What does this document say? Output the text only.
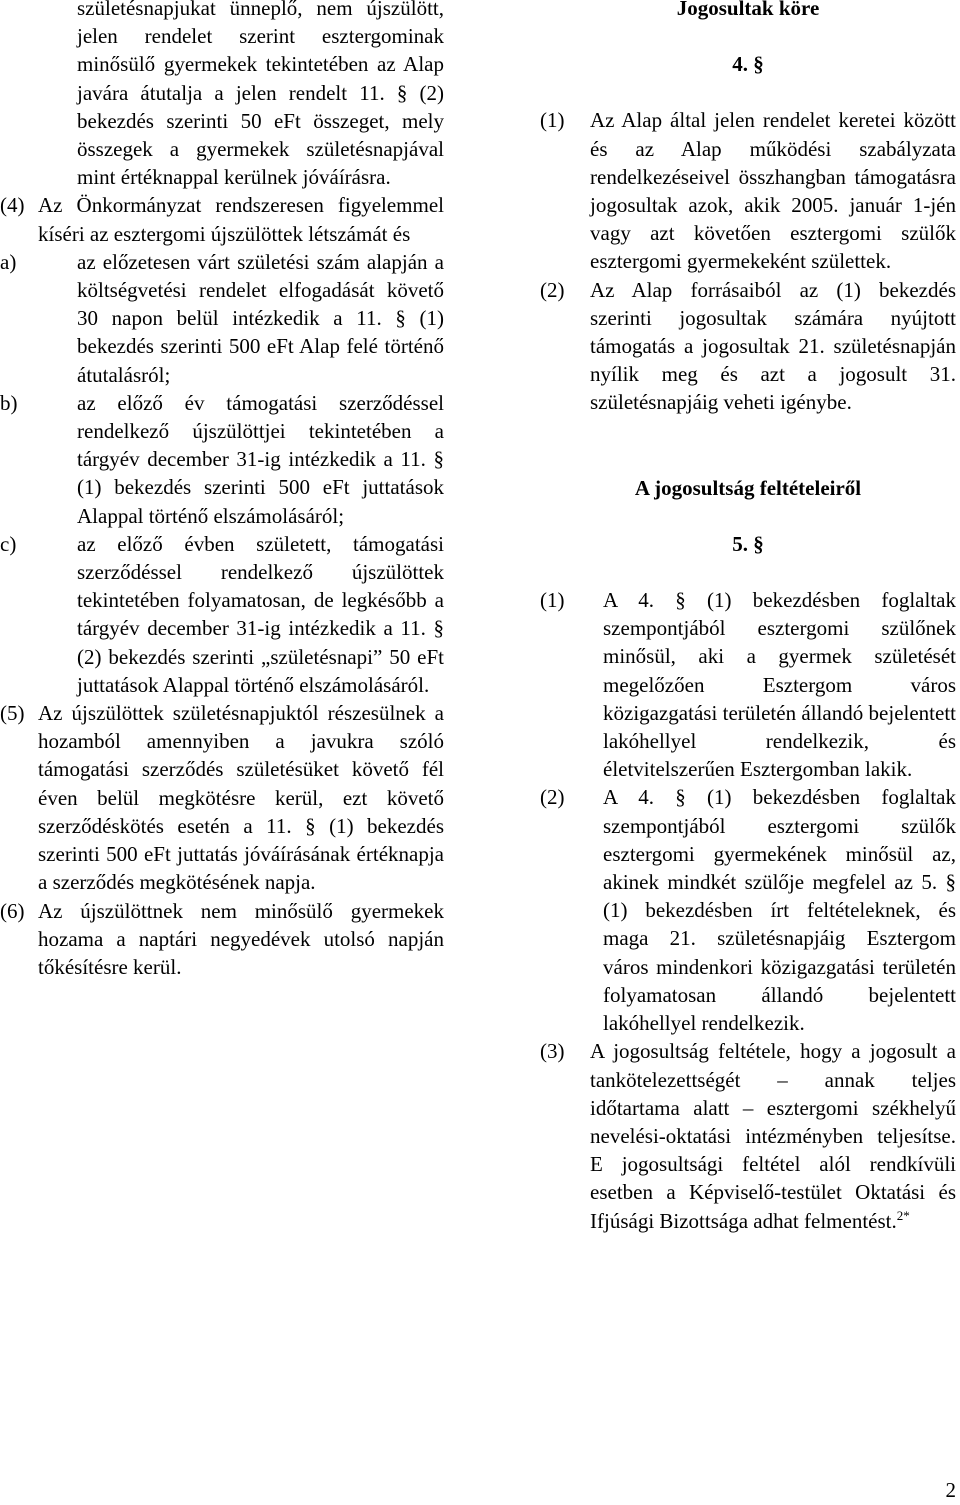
születésnapjukat ünneplő, nem újszülött, jelen rendelet szerint esztergominak minősülő gyermekek tekintetében az Alap javára átutalja a jelen rendelt 11. § (2) bekezdés szerinti 50 eFt összeget, mely összegek a gyermekek születésnapjával mint értéknappal kerülnek jóváírásra.

(4) Az Önkormányzat rendszeresen figyelemmel kíséri az esztergomi újszülöttek létszámát és
a)	az előzetesen várt születési szám alapján a költségvetési rendelet elfogadását követő 30 napon belül intézkedik a 11. § (1) bekezdés szerinti 500 eFt Alap felé történő átutalásról;
b)	az előző év támogatási szerződéssel rendelkező újszülöttjei tekintetében a tárgyév december 31-ig intézkedik a 11. § (1) bekezdés szerinti 500 eFt juttatások Alappal történő elszámolásáról;
c)	az előző évben született, támogatási szerződéssel rendelkező újszülöttek tekintetében folyamatosan, de legkésőbb a tárgyév december 31-ig intézkedik a 11. § (2) bekezdés szerinti „születésnapi” 50 eFt juttatások Alappal történő elszámolásáról.
(5) Az újszülöttek születésnapjuktól részesülnek a hozamból amennyiben a javukra szóló támogatási szerződés születésüket követő fél éven belül megkötésre kerül, ezt követő szerződéskötés esetén a 11. § (1) bekezdés szerinti 500 eFt juttatás jóváírásának értéknapja a szerződés megkötésének napja.
(6) Az újszülöttnek nem minősülő gyermekek hozama a naptári negyedévek utolsó napján tőkésítésre kerül.

Jogosultak köre

4. §

(1)	Az Alap által jelen rendelet keretei között és az Alap működési szabályzata rendelkezéseivel összhangban támogatásra jogosultak azok, akik 2005. január 1-jén vagy azt követően esztergomi szülők esztergomi gyermekeként születtek.
(2)	Az Alap forrásaiból az (1) bekezdés szerinti jogosultak számára nyújtott támogatás a jogosultak 21. születésnapján nyílik meg és azt a jogosult 31. születésnapjáig veheti igénybe.

A jogosultság feltételeiről

5. §

(1)	A 4. § (1) bekezdésben foglaltak szempontjából esztergomi szülőnek minősül, aki a gyermek születését megelőzően Esztergom város közigazgatási területén állandó bejelentett lakóhellyel rendelkezik, és életvitelszerűen Esztergomban lakik.
(2)	A 4. § (1) bekezdésben foglaltak szempontjából esztergomi szülők esztergomi gyermekének minősül az, akinek mindkét szülője megfelel az 5. § (1) bekezdésben írt feltételeknek, és maga 21. születésnapjáig Esztergom város mindenkori közigazgatási területén folyamatosan állandó bejelentett lakóhellyel rendelkezik.
(3)	A jogosultság feltétele, hogy a jogosult a tankötelezettségét – annak teljes időtartama alatt – esztergomi székhelyű nevelési-oktatási intézményben teljesítse. E jogosultsági feltétel alól rendkívüli esetben a Képviselő-testület Oktatási és Ifjúsági Bizottsága adhat felmentést.$^{2*}$
2
